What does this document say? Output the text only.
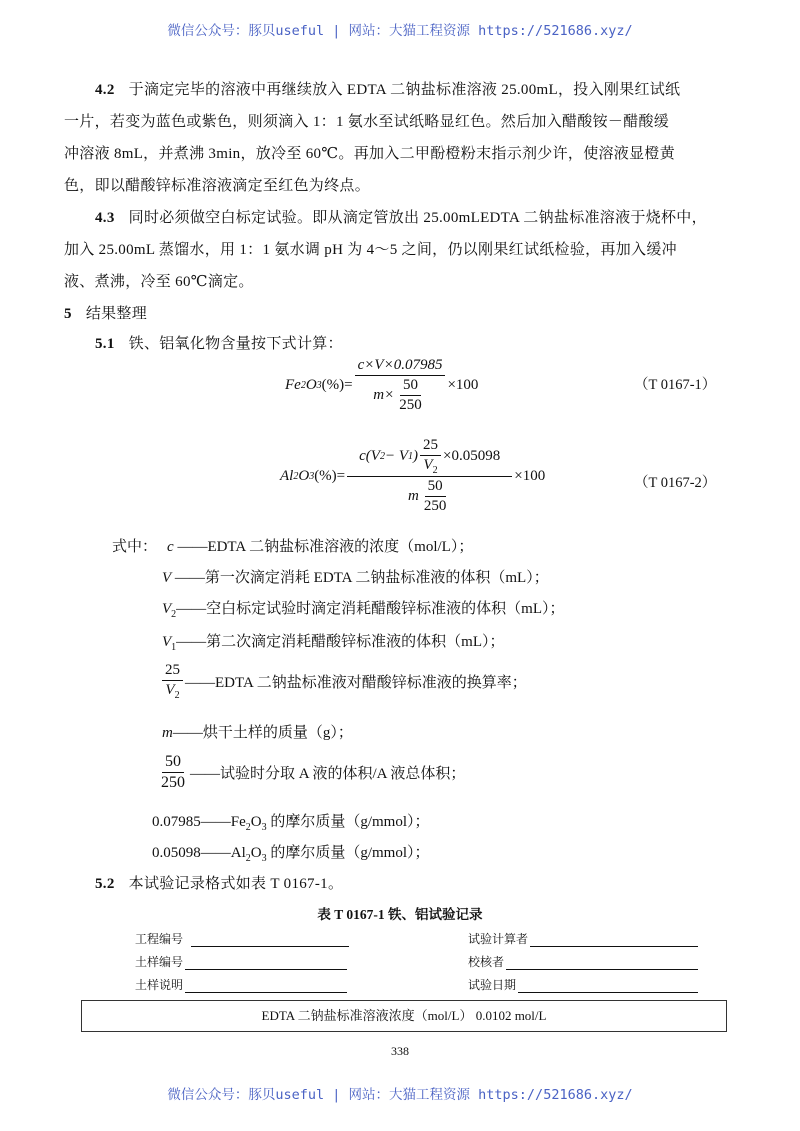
微信公众号：豚贝useful | 网站：大猫工程资源 https://521686.xyz/
4.2 于滴定完毕的溶液中再继续放入 EDTA 二钠盐标准溶液 25.00mL，投入刚果红试纸
一片，若变为蓝色或紫色，则须滴入 1：1 氨水至试纸略显红色。然后加入醋酸铵－醋酸缓
冲溶液 8mL，并煮沸 3min，放冷至 60℃。再加入二甲酚橙粉末指示剂少许，使溶液显橙黄
色，即以醋酸锌标准溶液滴定至红色为终点。
4.3 同时必须做空白标定试验。即从滴定管放出 25.00mLEDTA 二钠盐标准溶液于烧杯中，
加入 25.00mL 蒸馏水，用 1：1 氨水调 pH 为 4～5 之间，仍以刚果红试纸检验，再加入缓冲
液、煮沸，冷至 60℃滴定。
5 结果整理
5.1 铁、铝氧化物含量按下式计算：
Fe 2 O 3 (%)= $\frac{c\times V\times 0.07985}{m\times \frac{50}{250}} \times 100$	（T 0167-1）
Al 2 O 3 (%)= $\frac{c(V 2 - V 1 ) \frac{25}{V_2} \times 0.05098}{m \frac{50}{250}} \times 100$	（T 0167-2）
式中： c ——EDTA 二钠盐标准溶液的浓度（mol/L）；
V ——第一次滴定消耗 EDTA 二钠盐标准液的体积（mL）；
$V_2——$空白标定试验时滴定消耗醋酸锌标准液的体积（mL）；
$V_1——$第二次滴定消耗醋酸锌标准液的体积（mL）；
$\frac{25}{V_2}$ ——EDTA 二钠盐标准液对醋酸锌标准液的换算率；
m——烘干土样的质量（g）；
$\frac{50}{250}$ ——试验时分取 A 液的体积/A 液总体积；
$0.07985——Fe_2O_3$ 的摩尔质量（g/mmol）；
$0.05098——Al_2O_3$ 的摩尔质量（g/mmol）；
5.2 本试验记录格式如表 T 0167-1。
表 T 0167-1 铁、铝试验记录
工程编号
土样编号
土样说明
试验计算者
校核者
试验日期
EDTA 二钠盐标准溶液浓度（mol/L） 0.0102 mol/L
338
微信公众号：豚贝useful | 网站：大猫工程资源 https://521686.xyz/
